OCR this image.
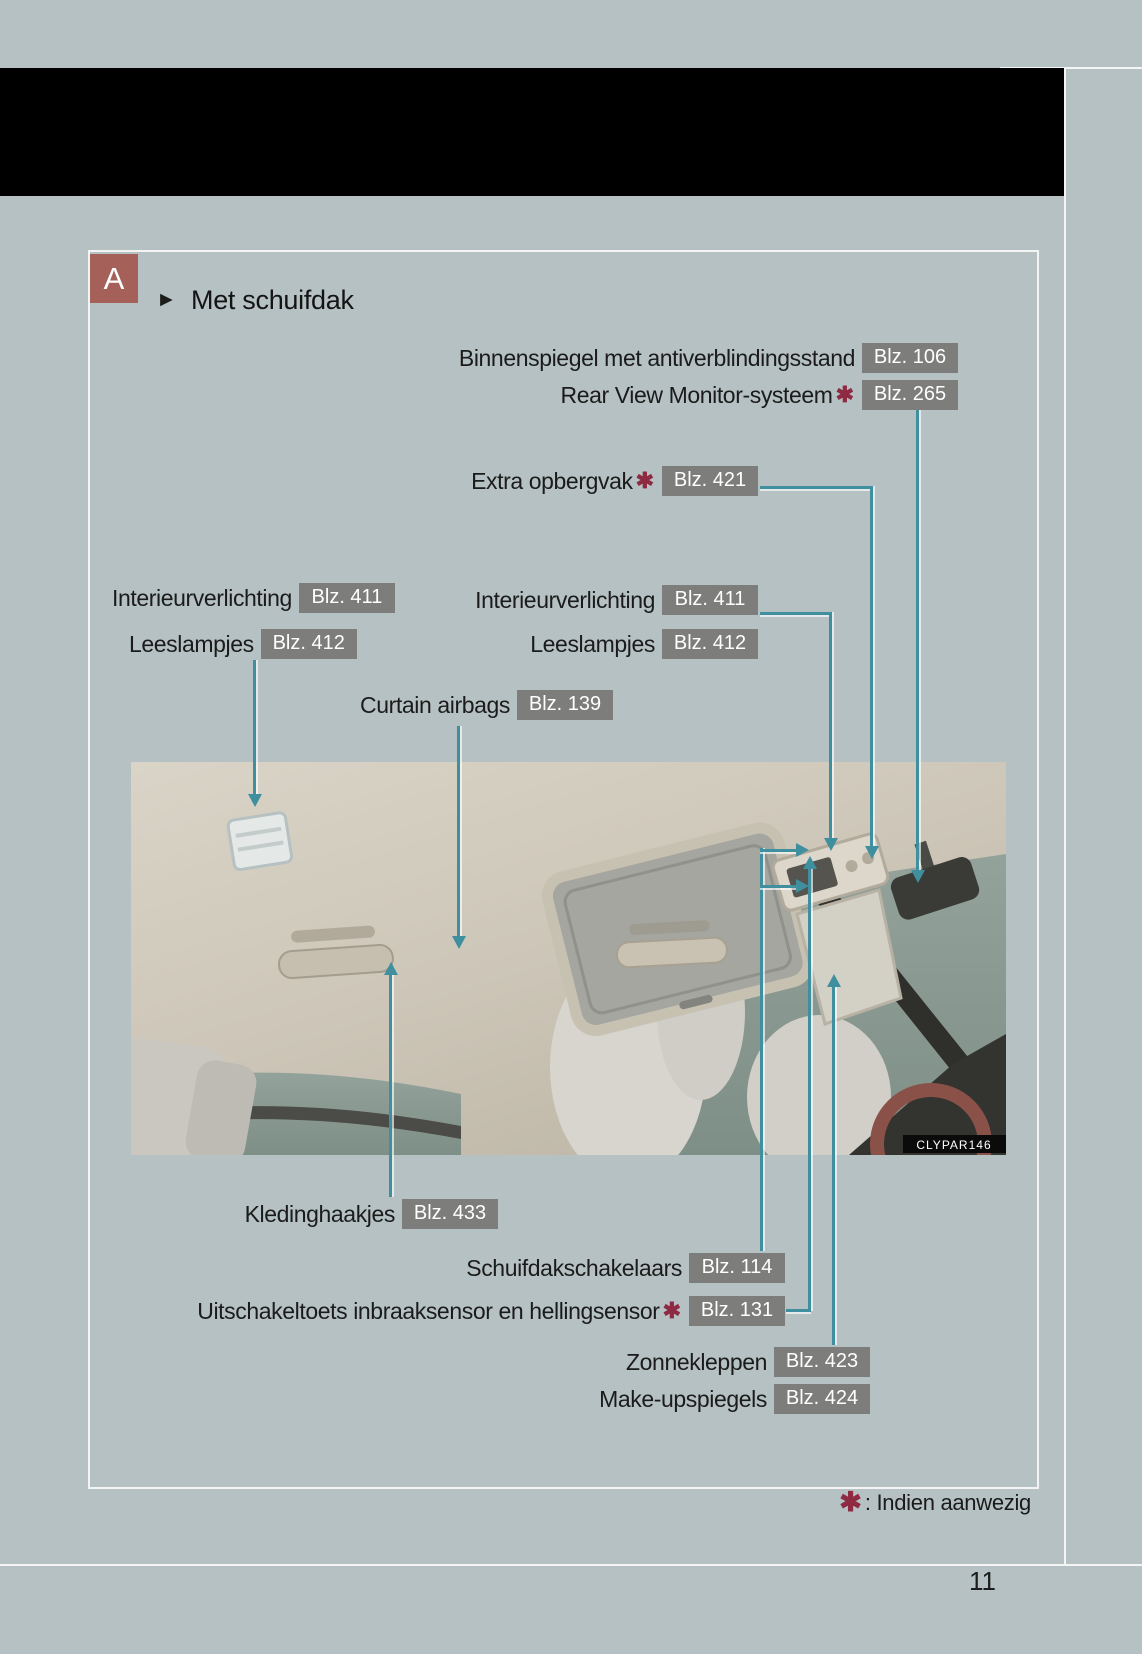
A
► Met schuifdak
Binnenspiegel met antiverblindingsstand Blz. 106
Rear View Monitor-systeem ✱ Blz. 265
Extra opbergvak ✱ Blz. 421
Interieurverlichting Blz. 411
Leeslampjes Blz. 412
Interieurverlichting Blz. 411
Leeslampjes Blz. 412
Curtain airbags Blz. 139
Kledinghaakjes Blz. 433
Schuifdakschakelaars Blz. 114
Uitschakeltoets inbraaksensor en hellingsensor ✱ Blz. 131
Zonnekleppen Blz. 423
Make-upspiegels Blz. 424
CLYPAR146
✱ : Indien aanwezig
11
